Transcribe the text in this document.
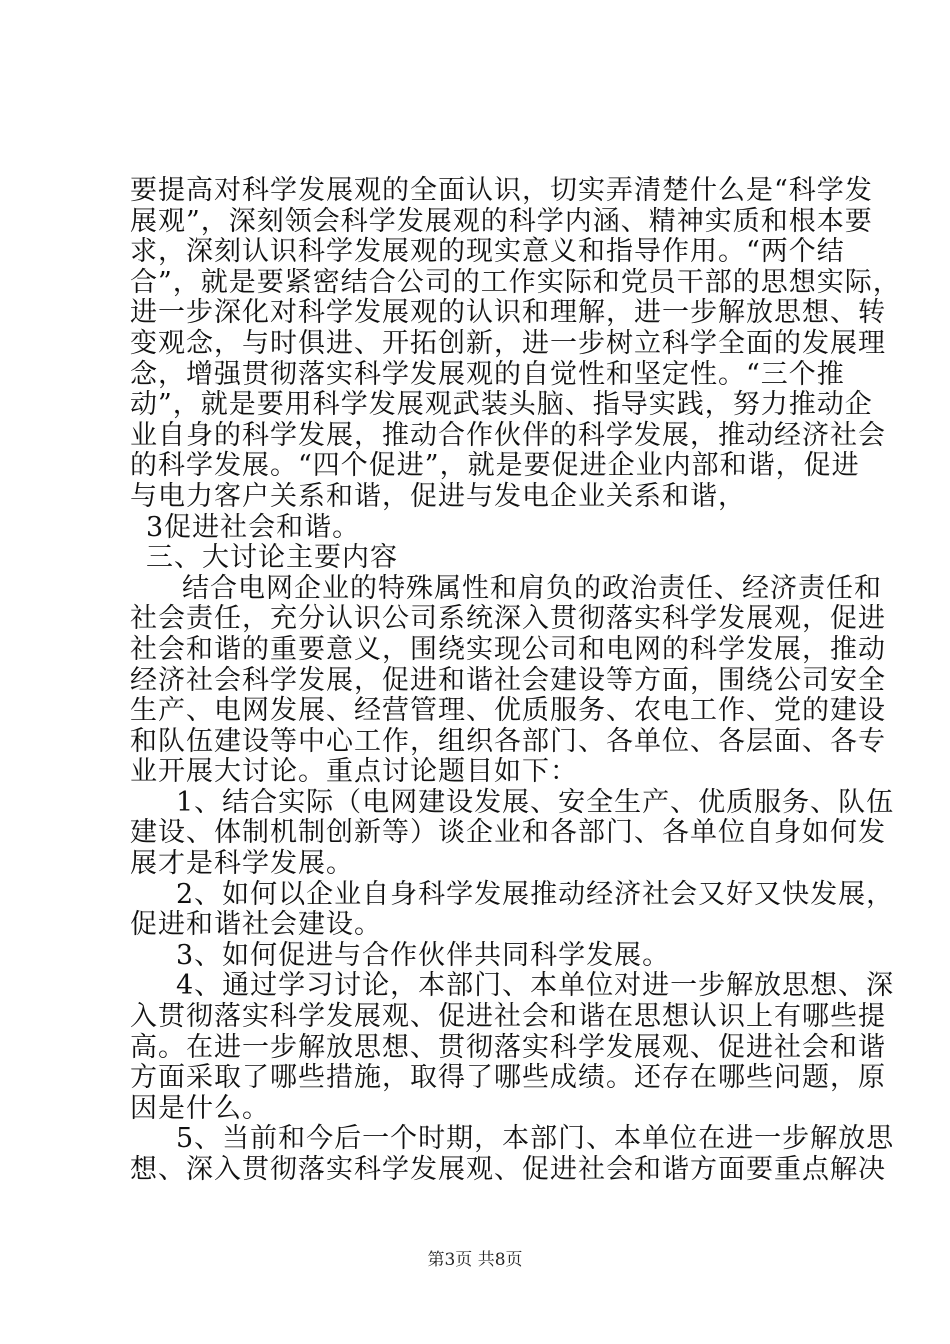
要提高对科学发展观的全面认识，切实弄清楚什么是“科学发
展观”，深刻领会科学发展观的科学内涵、精神实质和根本要
求，深刻认识科学发展观的现实意义和指导作用。“两个结
合”，就是要紧密结合公司的工作实际和党员干部的思想实际，
进一步深化对科学发展观的认识和理解，进一步解放思想、转
变观念，与时俱进、开拓创新，进一步树立科学全面的发展理
念，增强贯彻落实科学发展观的自觉性和坚定性。“三个推
动”，就是要用科学发展观武装头脑、指导实践，努力推动企
业自身的科学发展，推动合作伙伴的科学发展，推动经济社会
的科学发展。“四个促进”，就是要促进企业内部和谐，促进
与电力客户关系和谐，促进与发电企业关系和谐，
3促进社会和谐。
三、大讨论主要内容
结合电网企业的特殊属性和肩负的政治责任、经济责任和
社会责任，充分认识公司系统深入贯彻落实科学发展观，促进
社会和谐的重要意义，围绕实现公司和电网的科学发展，推动
经济社会科学发展，促进和谐社会建设等方面，围绕公司安全
生产、电网发展、经营管理、优质服务、农电工作、党的建设
和队伍建设等中心工作，组织各部门、各单位、各层面、各专
业开展大讨论。重点讨论题目如下：
1、结合实际（电网建设发展、安全生产、优质服务、队伍
建设、体制机制创新等）谈企业和各部门、各单位自身如何发
展才是科学发展。
2、如何以企业自身科学发展推动经济社会又好又快发展，
促进和谐社会建设。
3、如何促进与合作伙伴共同科学发展。
4、通过学习讨论，本部门、本单位对进一步解放思想、深
入贯彻落实科学发展观、促进社会和谐在思想认识上有哪些提
高。在进一步解放思想、贯彻落实科学发展观、促进社会和谐
方面采取了哪些措施，取得了哪些成绩。还存在哪些问题，原
因是什么。
5、当前和今后一个时期，本部门、本单位在进一步解放思
想、深入贯彻落实科学发展观、促进社会和谐方面要重点解决
第3页 共8页
